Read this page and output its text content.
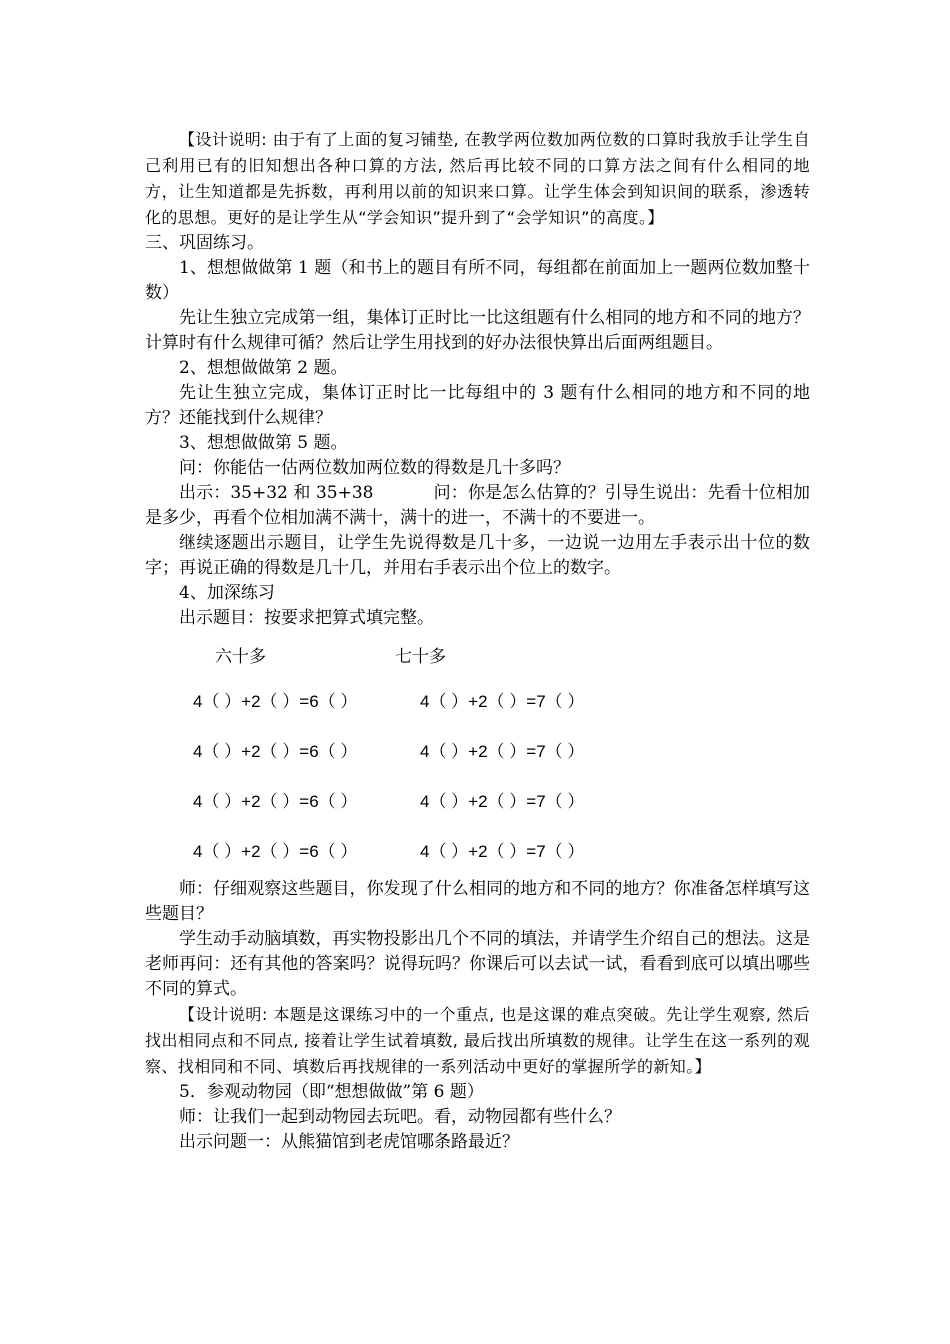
【设计说明: 由于有了上面的复习铺垫, 在教学两位数加两位数的口算时我放手让学生自己利用已有的旧知想出各种口算的方法, 然后再比较不同的口算方法之间有什么相同的地方，让生知道都是先拆数，再利用以前的知识来口算。让学生体会到知识间的联系，渗透转化的思想。更好的是让学生从“学会知识”提升到了“会学知识”的高度。】

三、巩固练习。

1、想想做做第 1 题（和书上的题目有所不同，每组都在前面加上一题两位数加整十数）

先让生独立完成第一组，集体订正时比一比这组题有什么相同的地方和不同的地方？计算时有什么规律可循？然后让学生用找到的好办法很快算出后面两组题目。

2、想想做做第 2 题。

先让生独立完成，集体订正时比一比每组中的 3 题有什么相同的地方和不同的地方？还能找到什么规律？

3、想想做做第 5 题。

问：你能估一估两位数加两位数的得数是几十多吗？

出示：35+32 和 35+38	问：你是怎么估算的？引导生说出：先看十位相加是多少，再看个位相加满不满十，满十的进一，不满十的不要进一。

继续逐题出示题目，让学生先说得数是几十多，一边说一边用左手表示出十位的数字；再说正确的得数是几十几，并用右手表示出个位上的数字。

4、加深练习

出示题目：按要求把算式填完整。

六十多	七十多
4（ ）+2（ ）=6（ ）	4（ ）+2（ ）=7（ ）
4（ ）+2（ ）=6（ ）	4（ ）+2（ ）=7（ ）
4（ ）+2（ ）=6（ ）	4（ ）+2（ ）=7（ ）
4（ ）+2（ ）=6（ ）	4（ ）+2（ ）=7（ ）

师：仔细观察这些题目，你发现了什么相同的地方和不同的地方？你准备怎样填写这些题目？

学生动手动脑填数，再实物投影出几个不同的填法，并请学生介绍自己的想法。这是老师再问：还有其他的答案吗？说得玩吗？你课后可以去试一试，看看到底可以填出哪些不同的算式。

【设计说明: 本题是这课练习中的一个重点, 也是这课的难点突破。先让学生观察, 然后找出相同点和不同点, 接着让学生试着填数, 最后找出所填数的规律。让学生在这一系列的观察、找相同和不同、填数后再找规律的一系列活动中更好的掌握所学的新知。】

5．参观动物园（即“想想做做”第 6 题）

师：让我们一起到动物园去玩吧。看，动物园都有些什么？

出示问题一：从熊猫馆到老虎馆哪条路最近？
